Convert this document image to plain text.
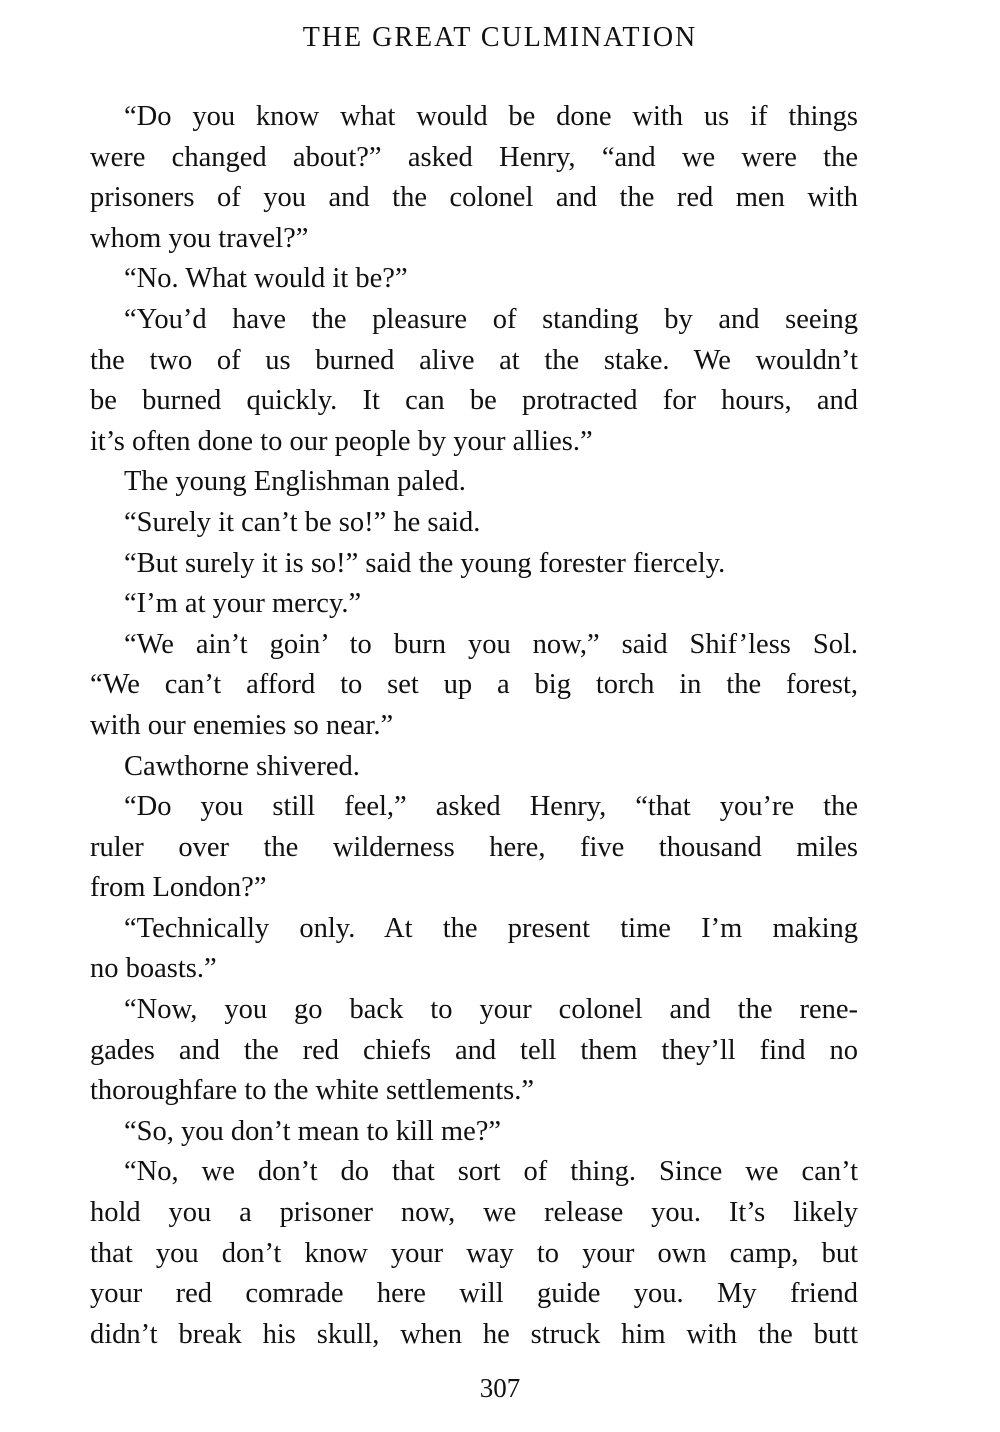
THE GREAT CULMINATION
“Do you know what would be done with us if things
were changed about?” asked Henry, “and we were the
prisoners of you and the colonel and the red men with
whom you travel?”
“No. What would it be?”
“You’d have the pleasure of standing by and seeing
the two of us burned alive at the stake. We wouldn’t
be burned quickly. It can be protracted for hours, and
it’s often done to our people by your allies.”
The young Englishman paled.
“Surely it can’t be so!” he said.
“But surely it is so!” said the young forester fiercely.
“I’m at your mercy.”
“We ain’t goin’ to burn you now,” said Shif’less Sol.
“We can’t afford to set up a big torch in the forest,
with our enemies so near.”
Cawthorne shivered.
“Do you still feel,” asked Henry, “that you’re the
ruler over the wilderness here, five thousand miles
from London?”
“Technically only. At the present time I’m making
no boasts.”
“Now, you go back to your colonel and the rene-
gades and the red chiefs and tell them they’ll find no
thoroughfare to the white settlements.”
“So, you don’t mean to kill me?”
“No, we don’t do that sort of thing. Since we can’t
hold you a prisoner now, we release you. It’s likely
that you don’t know your way to your own camp, but
your red comrade here will guide you. My friend
didn’t break his skull, when he struck him with the butt
307
